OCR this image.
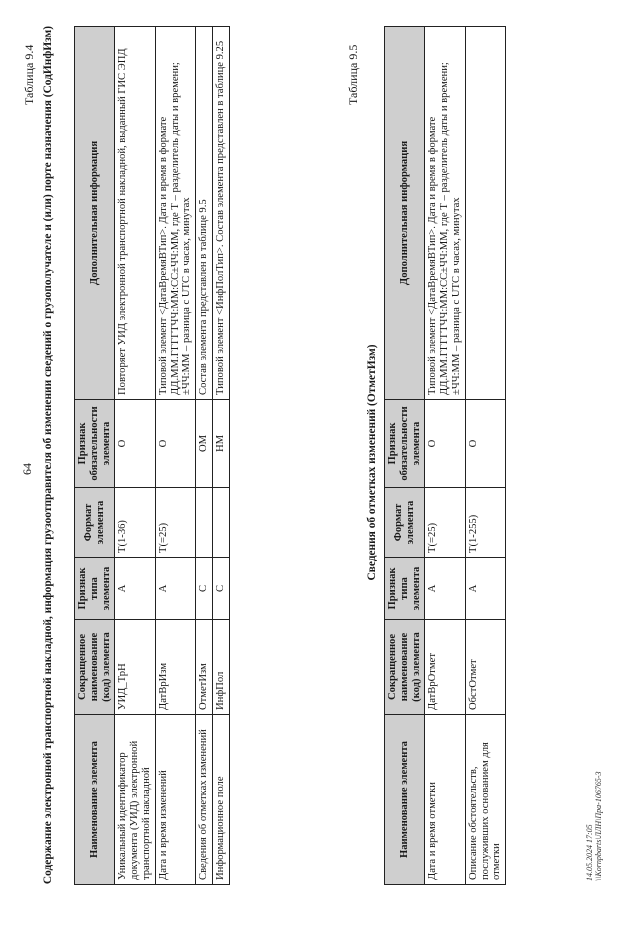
64
Таблица 9.4 Содержание электронной транспортной накладной, информация грузоотправителя об изменении сведений о грузополучателе и (или) порте назначения (СодИнфИзм)	Наименование элемента	Сокращенное наименование (код) элемента	Признак типа элемента	Формат элемента	Признак обязательности элемента	Дополнительная информация
Уникальный идентификатор документа (УИД) электронной транспортной накладной	УИД_ТрН	А	Т(1-36)	О	Повторяет УИД электронной транспортной накладной, выданный ГИС ЭПД
Дата и время изменений	ДатВрИзм	А	Т(=25)	О	Типовой элемент <ДатаВремяВТип>. Дата и время в формате ДД.ММ.ГГГГТЧЧ:ММ:СС±ЧЧ:ММ, где Т – разделитель даты и времени; ±ЧЧ:ММ – разница с UTC в часах, минутах
Сведения об отметках изменений	ОтметИзм	С		ОМ	Состав элемента представлен в таблице 9.5
Информационное поле	ИнфПол	С		НМ	Типовой элемент <ИнфПолТип>. Состав элемента представлен в таблице 9.25	Таблица 9.5
Сведения об отметках изменений (ОтметИзм)
Наименование элемента	Сокращенное наименование (код) элемента	Признак типа элемента	Формат элемента	Признак обязательности элемента	Дополнительная информация
Дата и время отметки	ДатВрОтмет	А	Т(=25)	О	Типовой элемент <ДатаВремяВТип>. Дата и время в формате ДД.ММ.ГГГГТЧЧ:ММ:СС±ЧЧ:ММ, где Т – разделитель даты и времени; ±ЧЧ:ММ – разница с UTC в часах, минутах
Описание обстоятельств, послуживших основанием для отметки	ОбстОтмет	А	Т(1-255)	О	
14.05.2024 17:05 \\Kornpbarts\ЛЛН\Пра-106765-3
